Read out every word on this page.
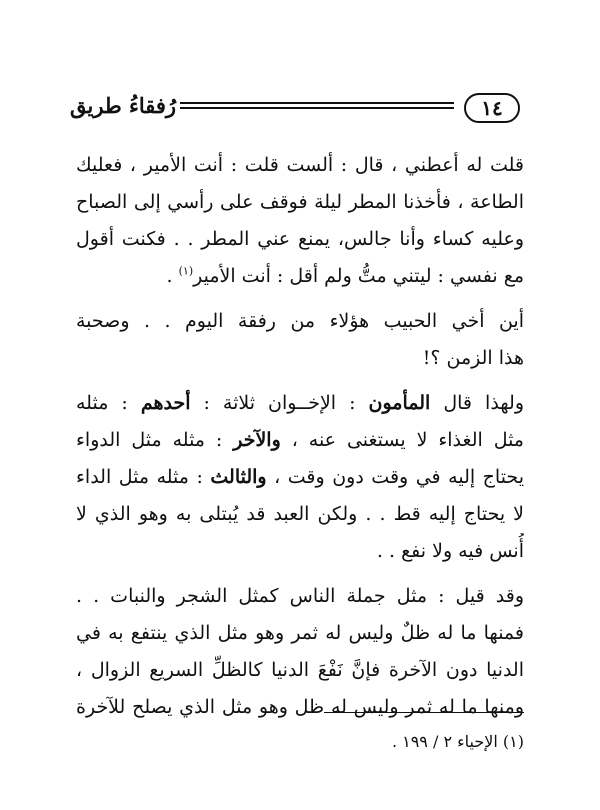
١٤
رُفقاءُ طريق
قلت له أعطني ، قال : ألست قلت : أنت الأمير ، فعليك
الطاعة ، فأخذنا المطر ليلة فوقف على رأسي إلى الصباح
وعليه كساء وأنا جالس، يمنع عني المطر . . فكنت أقول
مع نفسي : ليتني متُّ ولم أقل : أنت الأمير$^{(١)}$ .
أين أخي الحبيب هؤلاء من رفقة اليوم . . وصحبة
هذا الزمن ؟!
ولهذا قال المأمون : الإخــوان ثلاثة : أحدهم : مثله
مثل الغذاء لا يستغنى عنه ، والآخر : مثله مثل الدواء
يحتاج إليه في وقت دون وقت ، والثالث : مثله مثل الداء
لا يحتاج إليه قط . . ولكن العبد قد يُبتلى به وهو الذي لا
أُنس فيه ولا نفع . .
وقد قيل : مثل جملة الناس كمثل الشجر والنبات . .
فمنها ما له ظلٌ وليس له ثمر وهو مثل الذي ينتفع به في
الدنيا دون الآخرة فإنَّ نَفْعَ الدنيا كالظلِّ السريع الزوال ،
ومنها ما له ثمر وليس له ظل وهو مثل الذي يصلح للآخرة
(١) الإحياء ٢ / ١٩٩ .
